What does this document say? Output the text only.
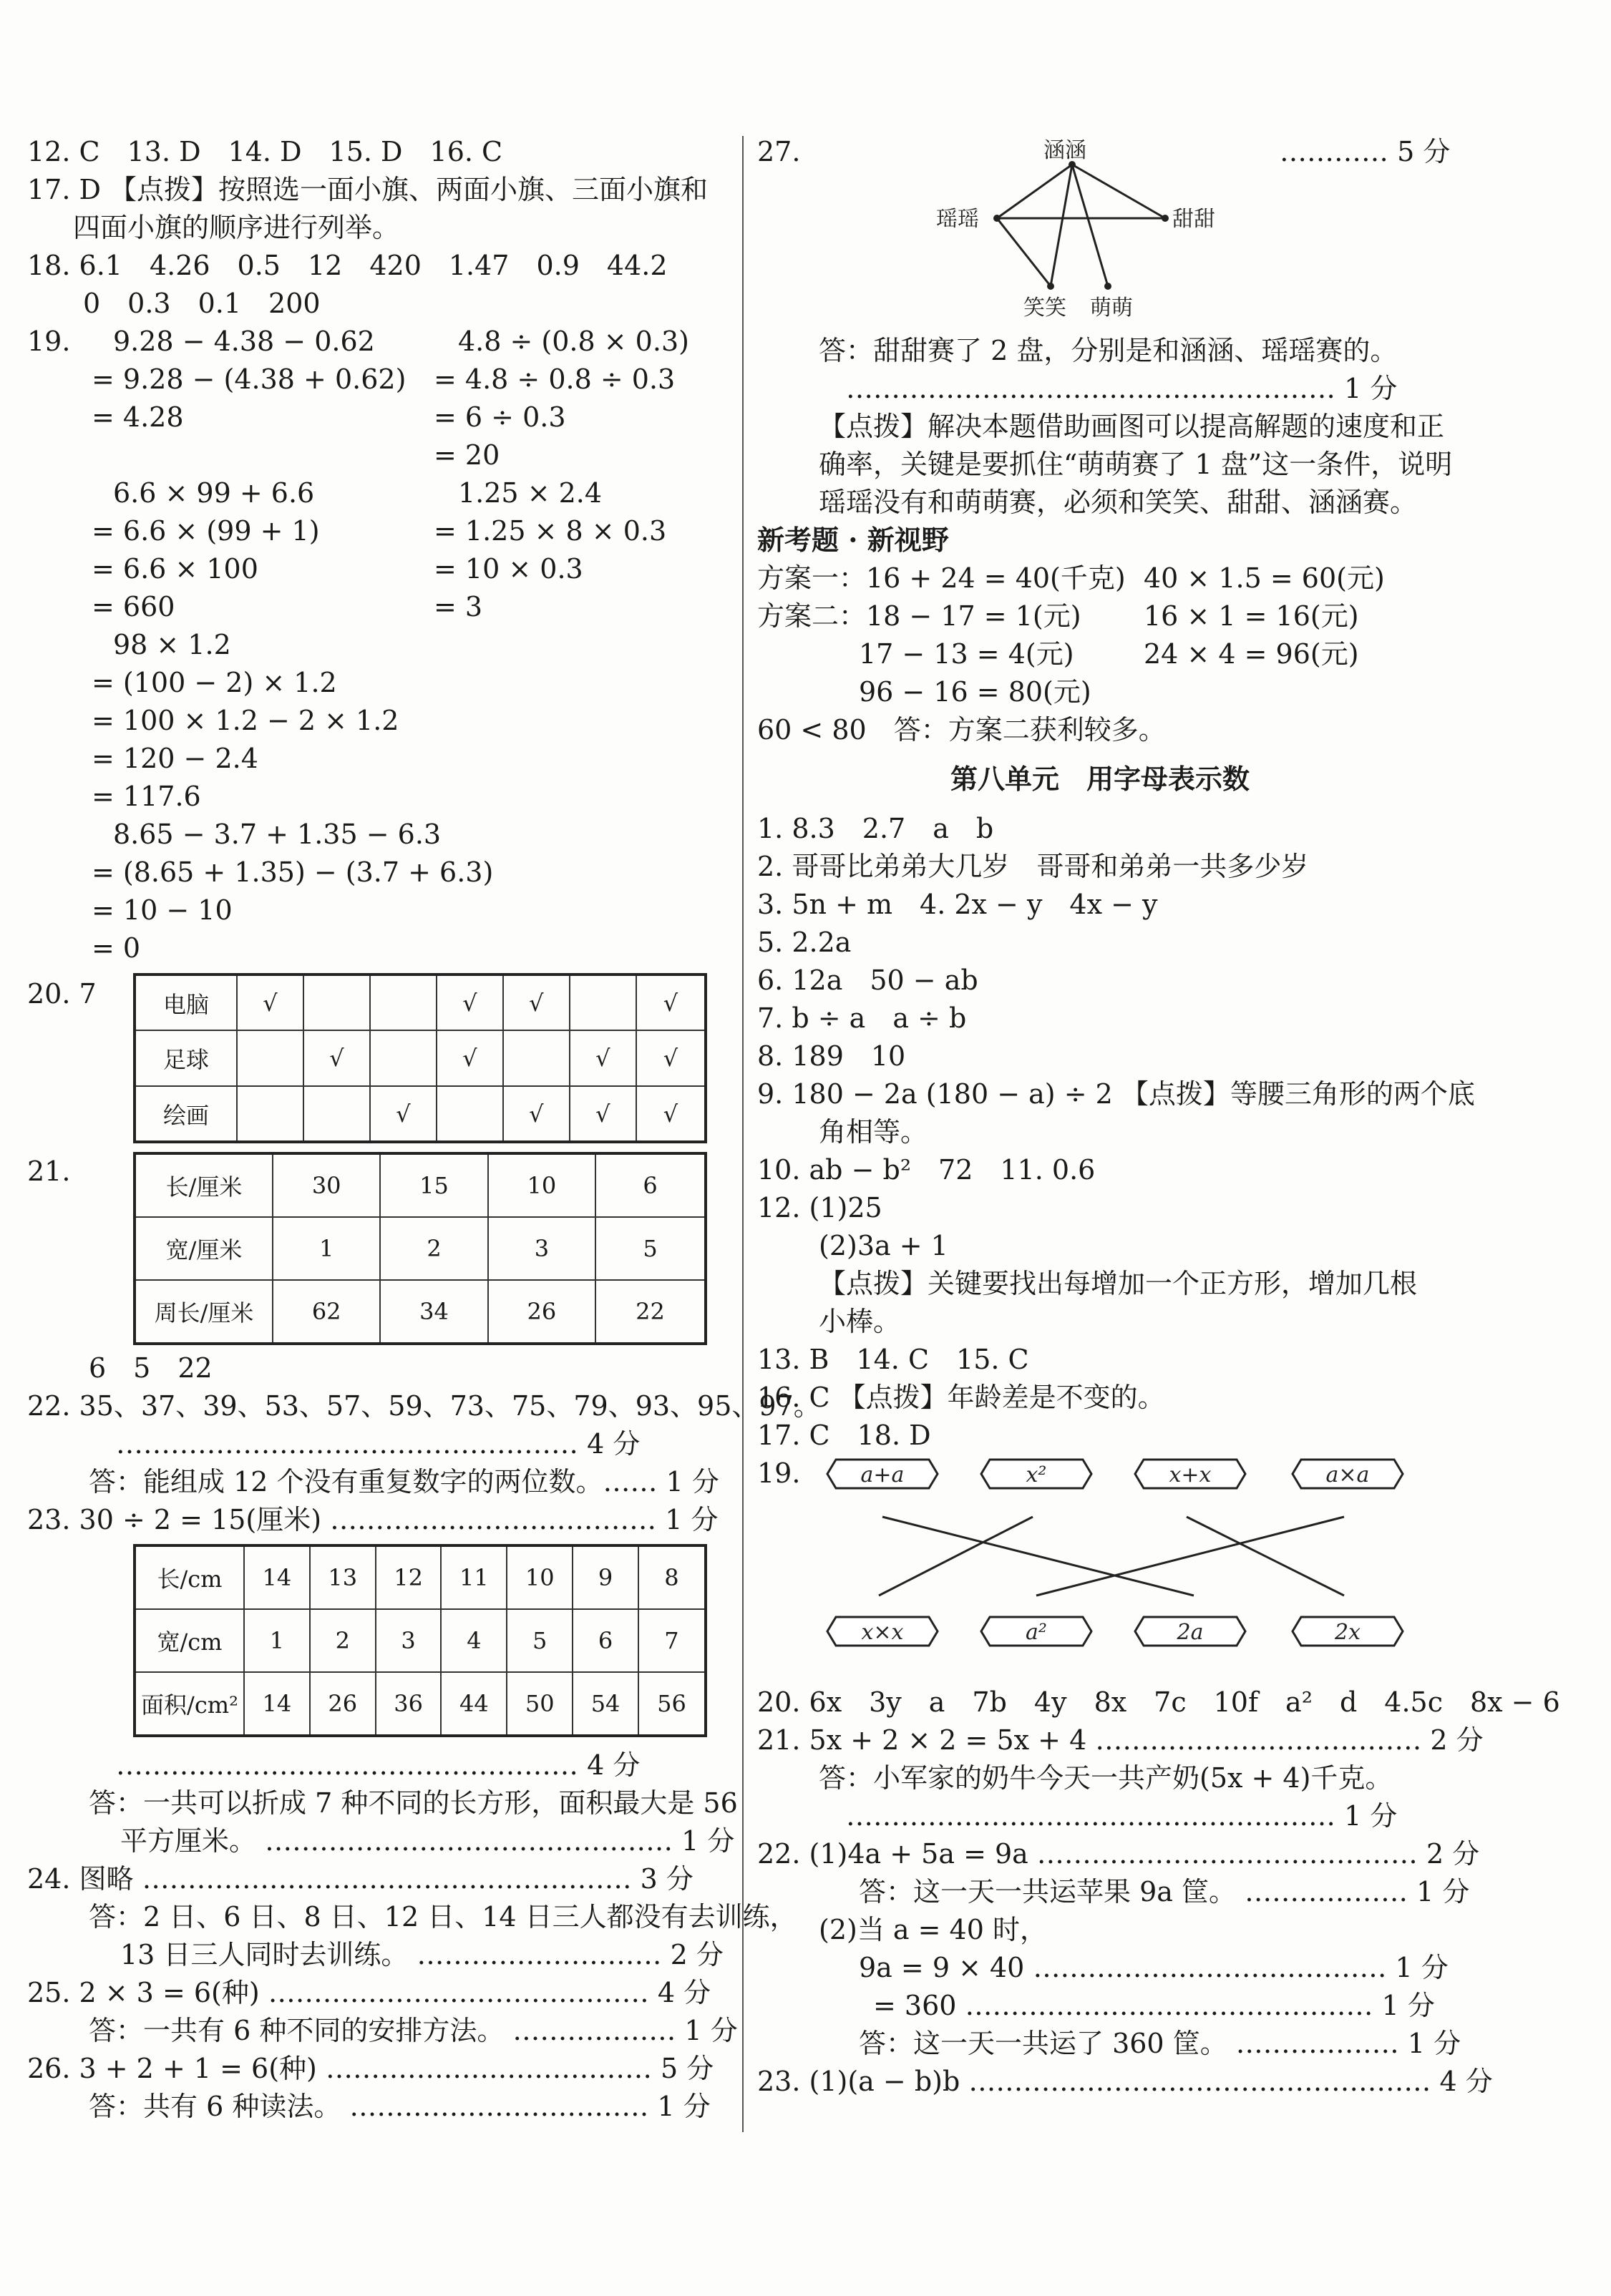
12. C　13. D　14. D　15. D　16. C
17. D 【点拨】按照选一面小旗、两面小旗、三面小旗和
四面小旗的顺序进行列举。
18. 6.1　4.26　0.5　12　420　1.47　0.9　44.2
0　0.3　0.1　200
19. 9.28 − 4.38 − 0.62
= 9.28 − (4.38 + 0.62)
= 4.28
4.8 ÷ (0.8 × 0.3)
= 4.8 ÷ 0.8 ÷ 0.3
= 6 ÷ 0.3
= 20
6.6 × 99 + 6.6
= 6.6 × (99 + 1)
= 6.6 × 100
= 660
1.25 × 2.4
= 1.25 × 8 × 0.3
= 10 × 0.3
= 3
98 × 1.2
= (100 − 2) × 1.2
= 100 × 1.2 − 2 × 1.2
= 120 − 2.4
= 117.6
8.65 − 3.7 + 1.35 − 6.3
= (8.65 + 1.35) − (3.7 + 6.3)
= 10 − 10
= 0
20. 7	电脑	√			√	√		√
足球		√		√		√	√
绘画			√		√	√	√
21.	长/厘米	30	15	10	6
宽/厘米	1	2	3	5
周长/厘米	62	34	26	22
6　5　22
22. 35、37、39、53、57、59、73、75、79、93、95、97。
…………………………………………… 4 分
答：能组成 12 个没有重复数字的两位数。…… 1 分
23. 30 ÷ 2 = 15(厘米) ……………………………… 1 分
长/cm	14	13	12	11	10	9	8
宽/cm	1	2	3	4	5	6	7
面积/cm²	14	26	36	44	50	54	56
…………………………………………… 4 分
答：一共可以折成 7 种不同的长方形，面积最大是 56
平方厘米。 ……………………………………… 1 分
24. 图略 ……………………………………………… 3 分
答：2 日、6 日、8 日、12 日、14 日三人都没有去训练，
13 日三人同时去训练。 ……………………… 2 分
25. 2 × 3 = 6(种) …………………………………… 4 分
答：一共有 6 种不同的安排方法。 ……………… 1 分
26. 3 + 2 + 1 = 6(种) ……………………………… 5 分
答：共有 6 种读法。 …………………………… 1 分
27.	………… 5 分
涵涵
瑶瑶	甜甜
笑笑 萌萌
答：甜甜赛了 2 盘，分别是和涵涵、瑶瑶赛的。
……………………………………………… 1 分
【点拨】解决本题借助画图可以提高解题的速度和正
确率，关键是要抓住“萌萌赛了 1 盘”这一条件，说明
瑶瑶没有和萌萌赛，必须和笑笑、甜甜、涵涵赛。
新考题 · 新视野
方案一：16 + 24 = 40(千克) 40 × 1.5 = 60(元)
方案二：18 − 17 = 1(元) 16 × 1 = 16(元)
17 − 13 = 4(元)	24 × 4 = 96(元)
96 − 16 = 80(元)
60 < 80　答：方案二获利较多。
第八单元　用字母表示数
1. 8.3　2.7　a　b
2. 哥哥比弟弟大几岁　哥哥和弟弟一共多少岁
3. 5n + m　4. 2x − y　4x − y
5. 2.2a
6. 12a　50 − ab
7. b ÷ a　a ÷ b
8. 189　10
9. 180 − 2a (180 − a) ÷ 2 【点拨】等腰三角形的两个底
角相等。
10. ab − b²　72　11. 0.6
12. (1)25
(2)3a + 1
【点拨】关键要找出每增加一个正方形，增加几根
小棒。
13. B　14. C　15. C
16. C 【点拨】年龄差是不变的。
17. C　18. D
19.	a+a	x²	x+x	a×a
x×x	a²	2a	2x
20. 6x　3y　a　7b　4y　8x　7c　10f　a²　d　4.5c　8x − 6
21. 5x + 2 × 2 = 5x + 4 ……………………………… 2 分
答：小军家的奶牛今天一共产奶(5x + 4)千克。
……………………………………………… 1 分
22. (1)4a + 5a = 9a …………………………………… 2 分
答：这一天一共运苹果 9a 筐。 ……………… 1 分
(2)当 a = 40 时，
9a = 9 × 40 ………………………………… 1 分
= 360 ……………………………………… 1 分
答：这一天一共运了 360 筐。 ……………… 1 分
23. (1)(a − b)b …………………………………………… 4 分
